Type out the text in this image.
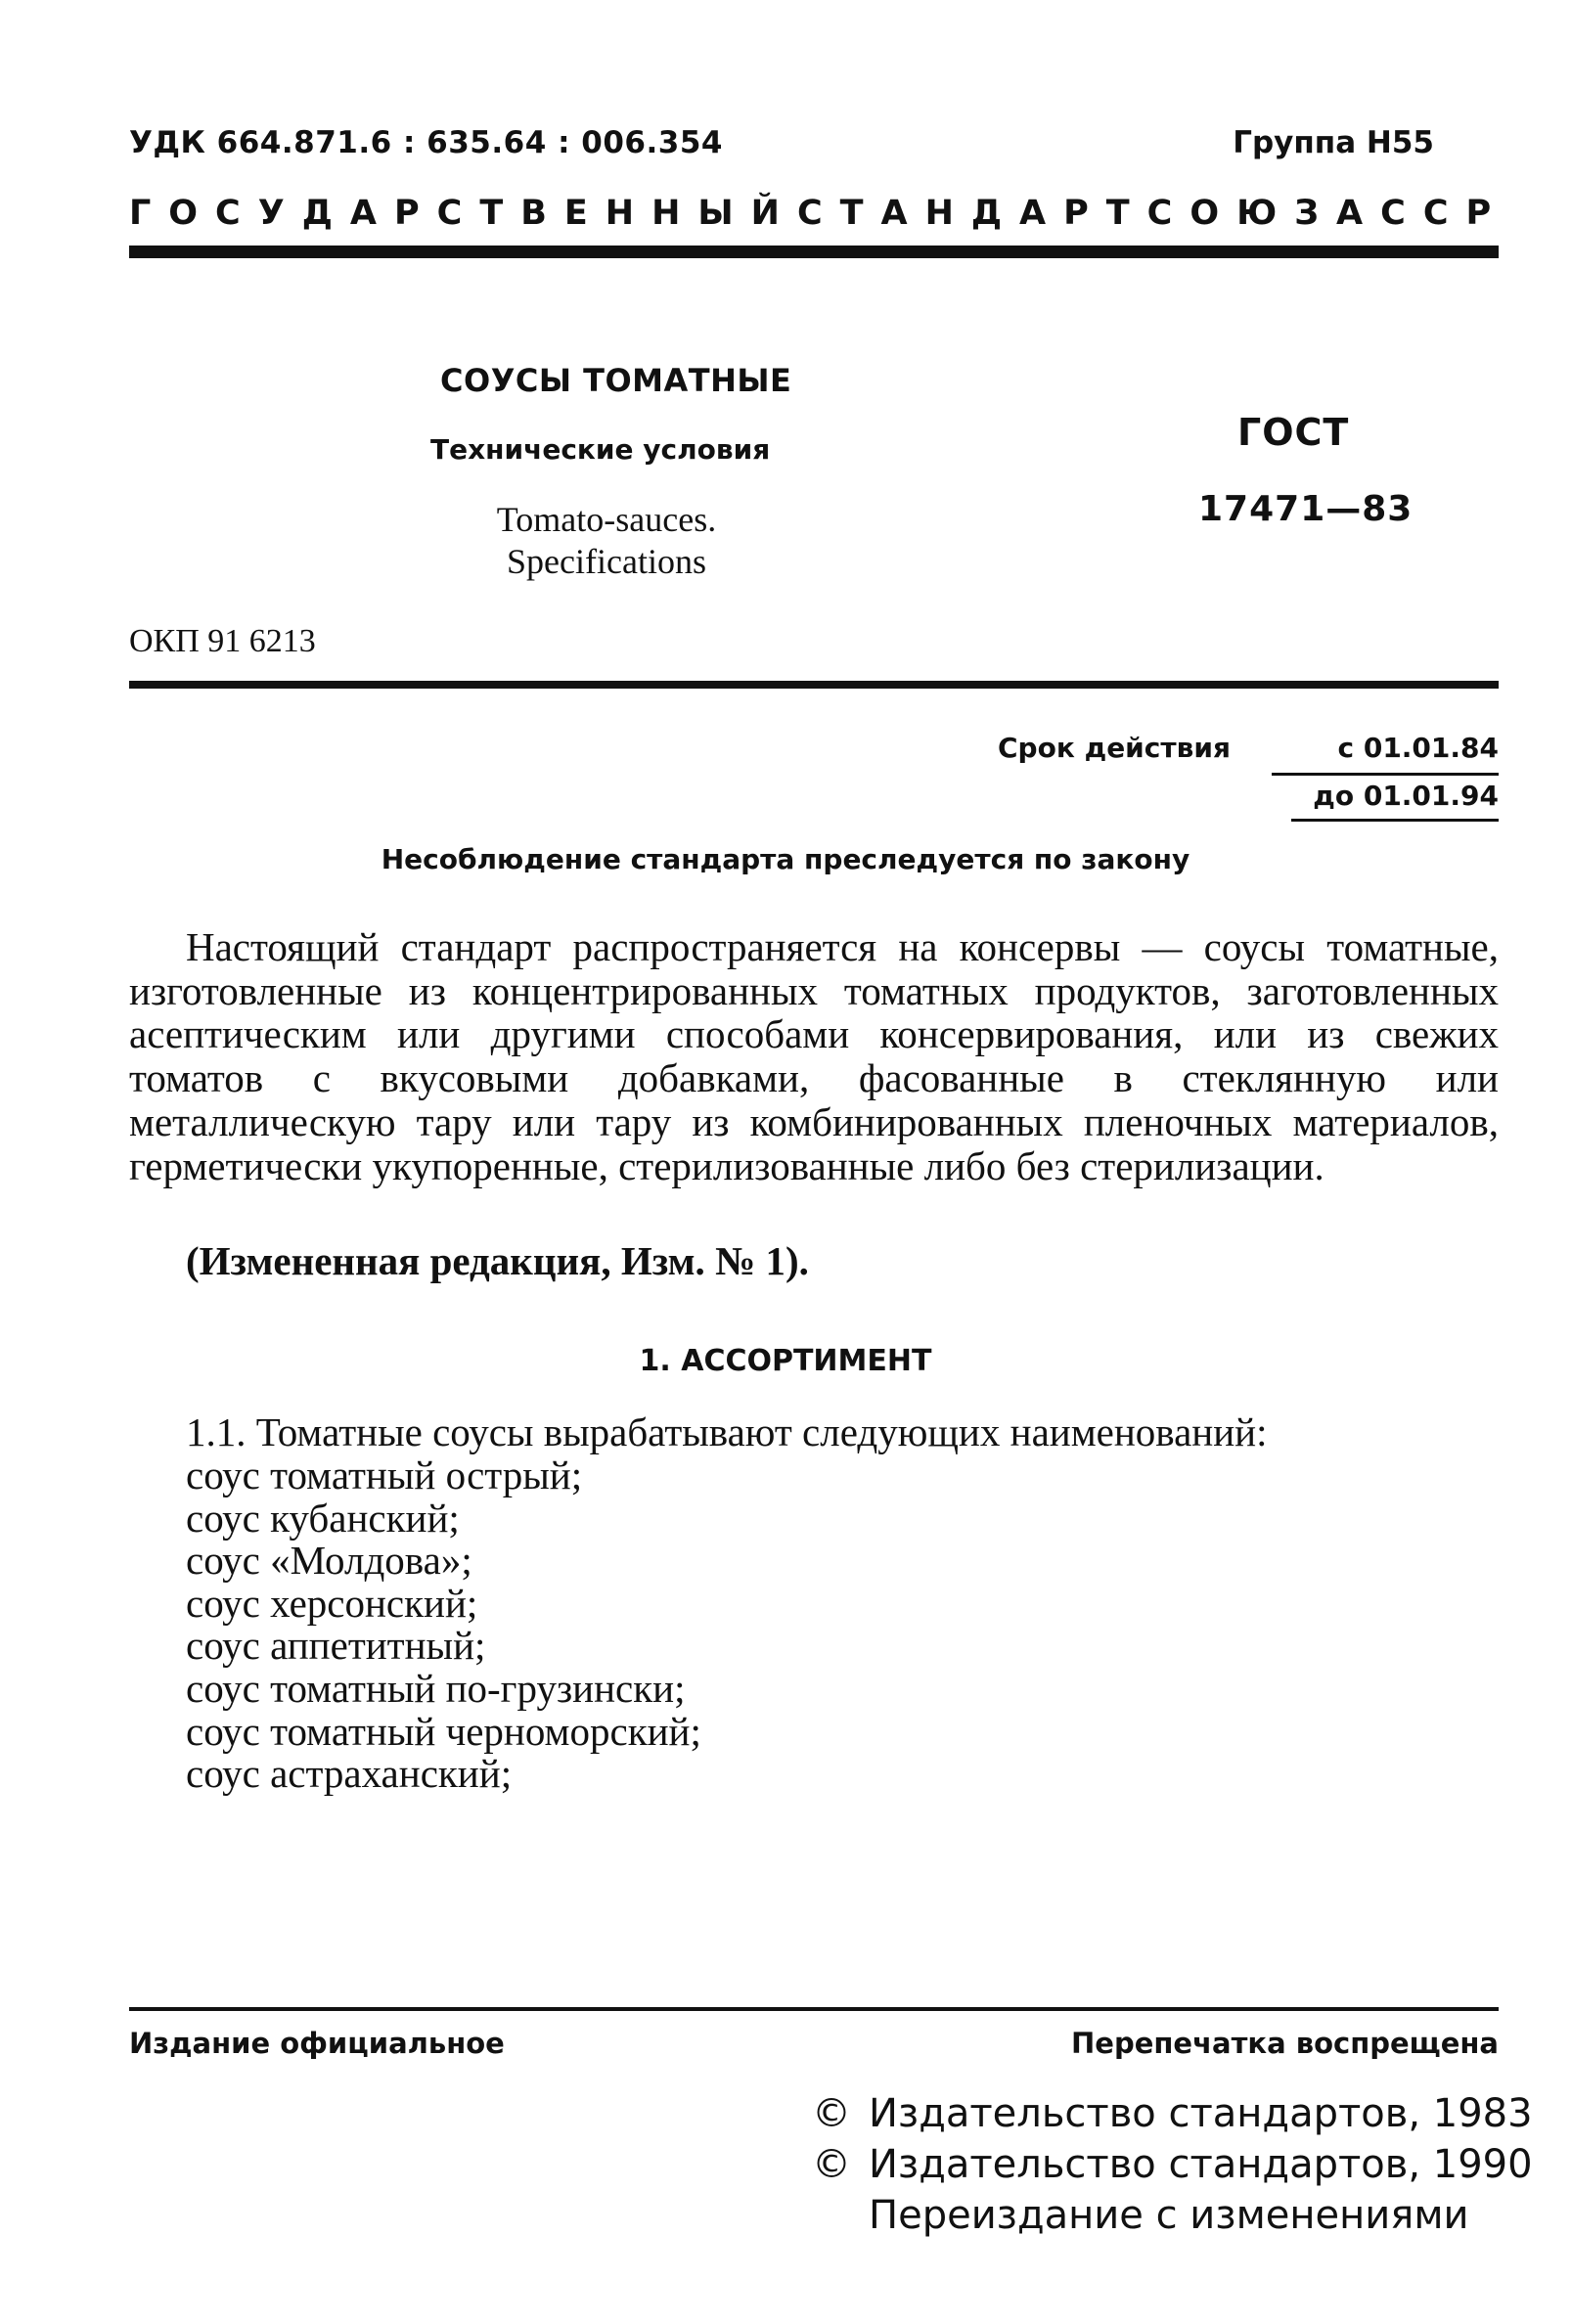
УДК 664.871.6 : 635.64 : 006.354	Группа Н55

ГОСУДАРСТВЕННЫЙ СТАНДАРТ СОЮЗА ССР

СОУСЫ ТОМАТНЫЕ

Технические условия

Tomato-sauces.
Specifications

ГОСТ

17471—83

ОКП 91 6213

Срок действия	с 01.01.84

до 01.01.94

Несоблюдение стандарта преследуется по закону

Настоящий стандарт распространяется на консервы — соусы томатные, изготовленные из концентрированных томатных продуктов, заготовленных асептическим или другими способами консервирования, или из свежих томатов с вкусовыми добавками, фасованные в стеклянную или металлическую тару или тару из комбинированных пленочных материалов, герметически укупоренные, стерилизованные либо без стерилизации.

(Измененная редакция, Изм. № 1).

1. АССОРТИМЕНТ

1.1. Томатные соусы вырабатывают следующих наименований:

соус томатный острый;
соус кубанский;
соус «Молдова»;
соус херсонский;
соус аппетитный;
соус томатный по-грузински;
соус томатный черноморский;
соус астраханский;

Издание официальное	Перепечатка воспрещена

© Издательство стандартов, 1983
© Издательство стандартов, 1990
Переиздание с изменениями
